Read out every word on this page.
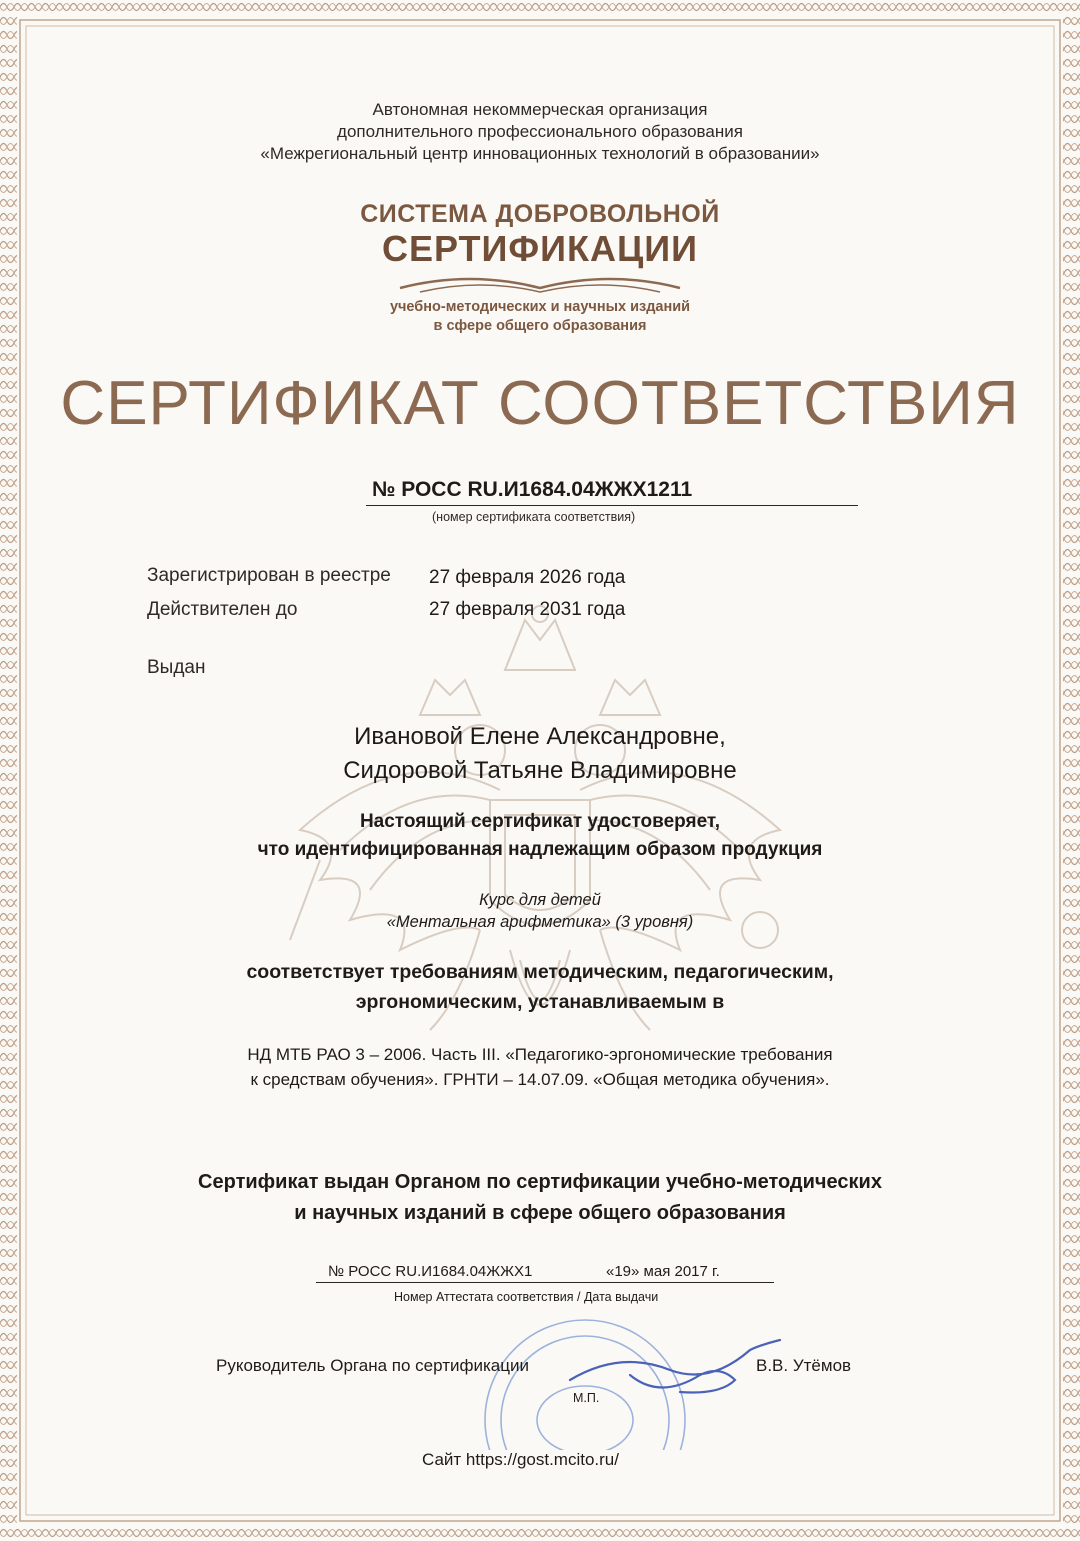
Автономная некоммерческая организация
дополнительного профессионального образования
«Межрегиональный центр инновационных технологий в образовании»
СИСТЕМА ДОБРОВОЛЬНОЙ
СЕРТИФИКАЦИИ
учебно-методических и научных изданий
в сфере общего образования
СЕРТИФИКАТ СООТВЕТСТВИЯ
№ РОСС RU.И1684.04ЖЖХ1211
(номер сертификата соответствия)
Зарегистрирован в реестре 27 февраля 2026 года
Действителен до	27 февраля 2031 года
Выдан
Ивановой Елене Александровне,
Сидоровой Татьяне Владимировне
Настоящий сертификат удостоверяет,
что идентифицированная надлежащим образом продукция
Курс для детей
«Ментальная арифметика» (3 уровня)
соответствует требованиям методическим, педагогическим,
эргономическим, устанавливаемым в
НД МТБ РАО 3 – 2006. Часть III. «Педагогико-эргономические требования
к средствам обучения». ГРНТИ – 14.07.09. «Общая методика обучения».
Сертификат выдан Органом по сертификации учебно-методических
и научных изданий в сфере общего образования
№ РОСС RU.И1684.04ЖЖХ1	«19» мая 2017 г.
Номер Аттестата соответствия / Дата выдачи
Руководитель Органа по сертификации	В.В. Утёмов
М.П.
Сайт https://gost.mcito.ru/
